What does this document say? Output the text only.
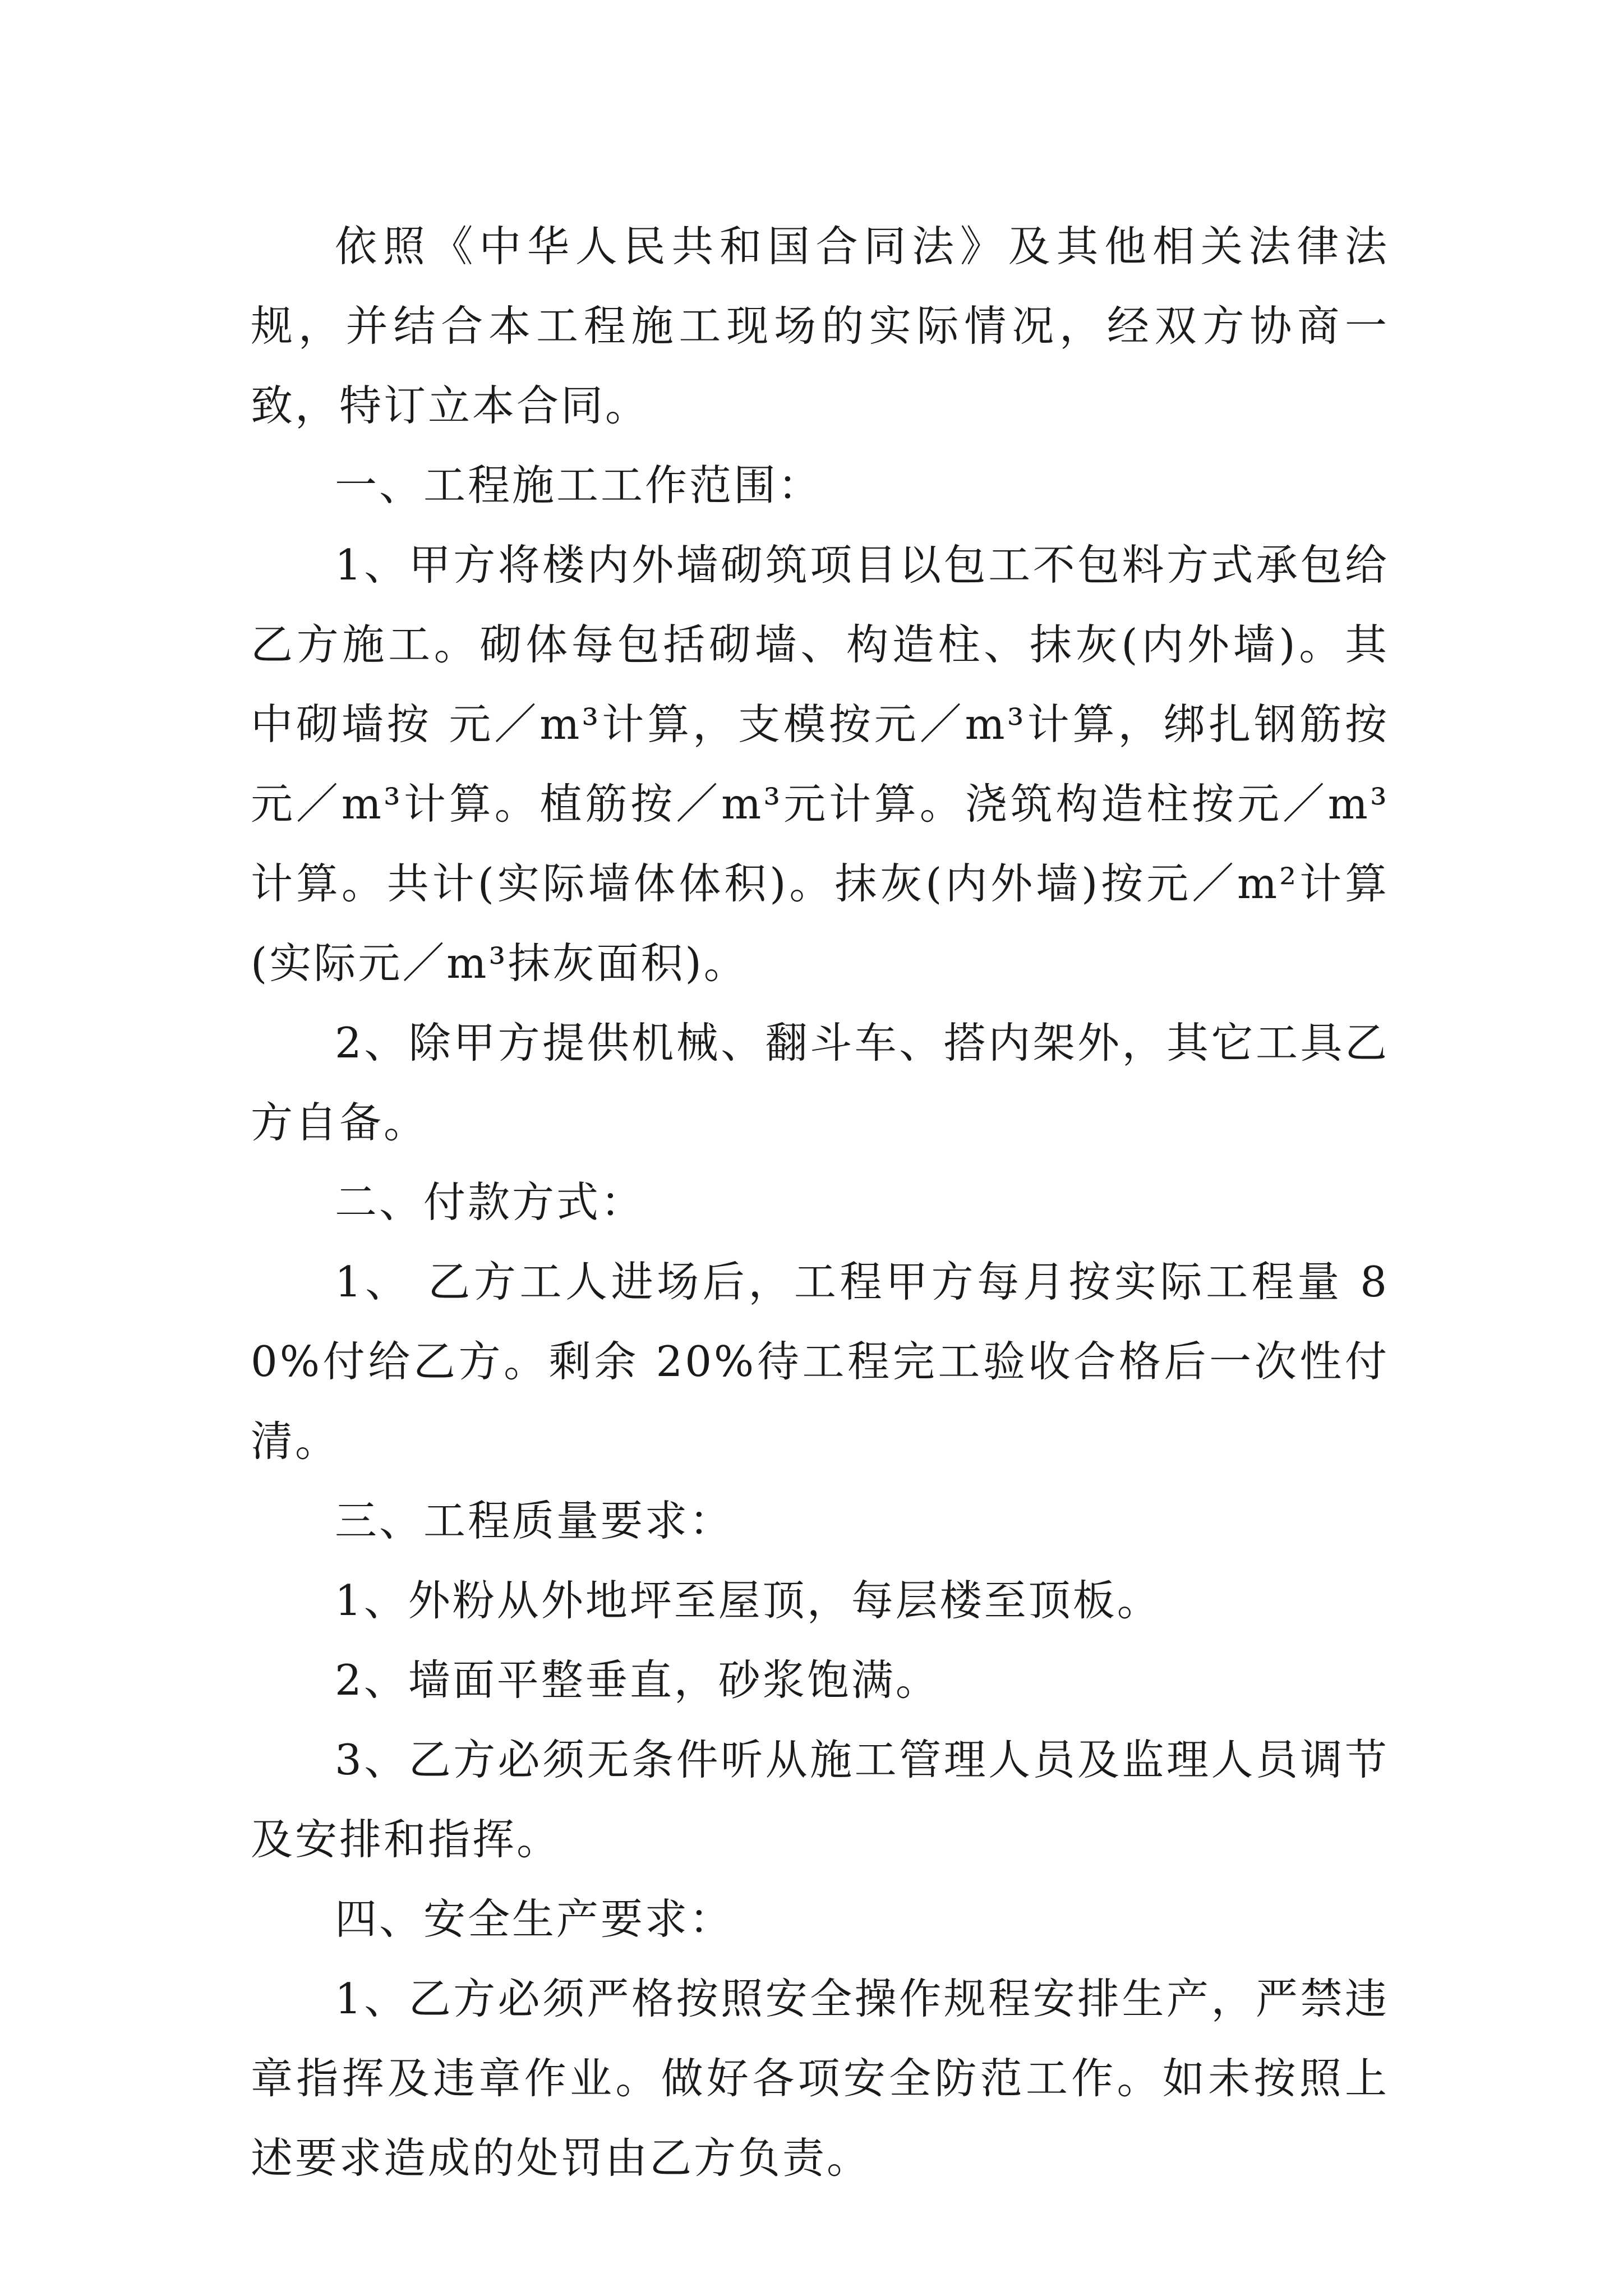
依照《中华人民共和国合同法》及其他相关法律法规，并结合本工程施工现场的实际情况，经双方协商一致，特订立本合同。

一、工程施工工作范围：

1、甲方将楼内外墙砌筑项目以包工不包料方式承包给乙方施工。砌体每包括砌墙、构造柱、抹灰(内外墙)。其中砌墙按 元／m³计算，支模按元／m³计算，绑扎钢筋按元／m³计算。植筋按／m³元计算。浇筑构造柱按元／m³计算。共计(实际墙体体积)。抹灰(内外墙)按元／m²计算(实际元／m³抹灰面积)。

2、除甲方提供机械、翻斗车、搭内架外，其它工具乙方自备。

二、付款方式：

1、 乙方工人进场后，工程甲方每月按实际工程量 80%付给乙方。剩余 20%待工程完工验收合格后一次性付清。

三、工程质量要求：

1、外粉从外地坪至屋顶，每层楼至顶板。

2、墙面平整垂直，砂浆饱满。

3、乙方必须无条件听从施工管理人员及监理人员调节及安排和指挥。

四、安全生产要求：

1、乙方必须严格按照安全操作规程安排生产，严禁违章指挥及违章作业。做好各项安全防范工作。如未按照上述要求造成的处罚由乙方负责。
